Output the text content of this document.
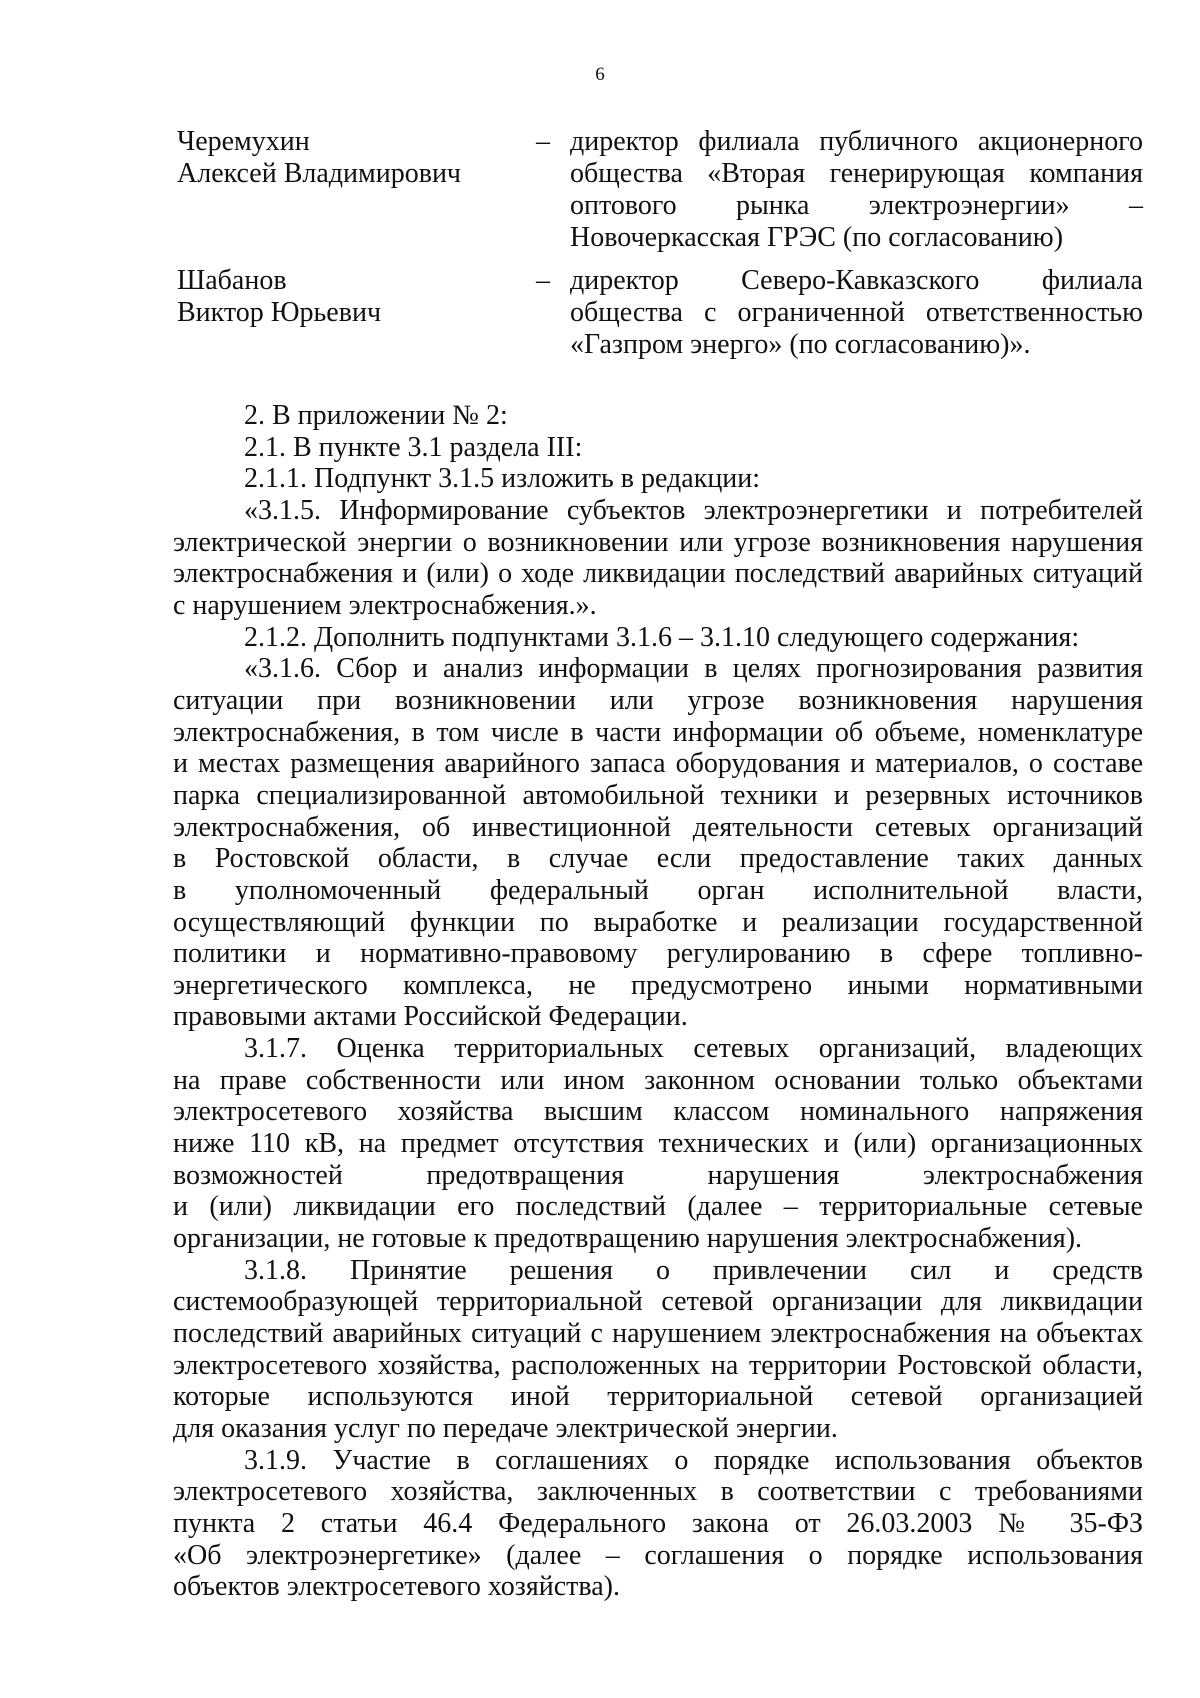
6
Черемухин
Алексей Владимирович
– директор филиала публичного акционерного
общества «Вторая генерирующая компания
оптового рынка электроэнергии» –
Новочеркасская ГРЭС (по согласованию)
Шабанов
Виктор Юрьевич
– директор Северо-Кавказского филиала
общества с ограниченной ответственностью
«Газпром энерго» (по согласованию)».
2. В приложении № 2:
2.1. В пункте 3.1 раздела III:
2.1.1. Подпункт 3.1.5 изложить в редакции:
«3.1.5. Информирование субъектов электроэнергетики и потребителей
электрической энергии о возникновении или угрозе возникновения нарушения
электроснабжения и (или) о ходе ликвидации последствий аварийных ситуаций
с нарушением электроснабжения.».
2.1.2. Дополнить подпунктами 3.1.6 – 3.1.10 следующего содержания:
«3.1.6. Сбор и анализ информации в целях прогнозирования развития
ситуации при возникновении или угрозе возникновения нарушения
электроснабжения, в том числе в части информации об объеме, номенклатуре
и местах размещения аварийного запаса оборудования и материалов, о составе
парка специализированной автомобильной техники и резервных источников
электроснабжения, об инвестиционной деятельности сетевых организаций
в Ростовской области, в случае если предоставление таких данных
в уполномоченный федеральный орган исполнительной власти,
осуществляющий функции по выработке и реализации государственной
политики и нормативно-правовому регулированию в сфере топливно-
энергетического комплекса, не предусмотрено иными нормативными
правовыми актами Российской Федерации.
3.1.7. Оценка территориальных сетевых организаций, владеющих
на праве собственности или ином законном основании только объектами
электросетевого хозяйства высшим классом номинального напряжения
ниже 110 кВ, на предмет отсутствия технических и (или) организационных
возможностей предотвращения нарушения электроснабжения
и (или) ликвидации его последствий (далее – территориальные сетевые
организации, не готовые к предотвращению нарушения электроснабжения).
3.1.8. Принятие решения о привлечении сил и средств
системообразующей территориальной сетевой организации для ликвидации
последствий аварийных ситуаций с нарушением электроснабжения на объектах
электросетевого хозяйства, расположенных на территории Ростовской области,
которые используются иной территориальной сетевой организацией
для оказания услуг по передаче электрической энергии.
3.1.9. Участие в соглашениях о порядке использования объектов
электросетевого хозяйства, заключенных в соответствии с требованиями
пункта 2 статьи 46.4 Федерального закона от 26.03.2003 № 35-ФЗ
«Об электроэнергетике» (далее – соглашения о порядке использования
объектов электросетевого хозяйства).
